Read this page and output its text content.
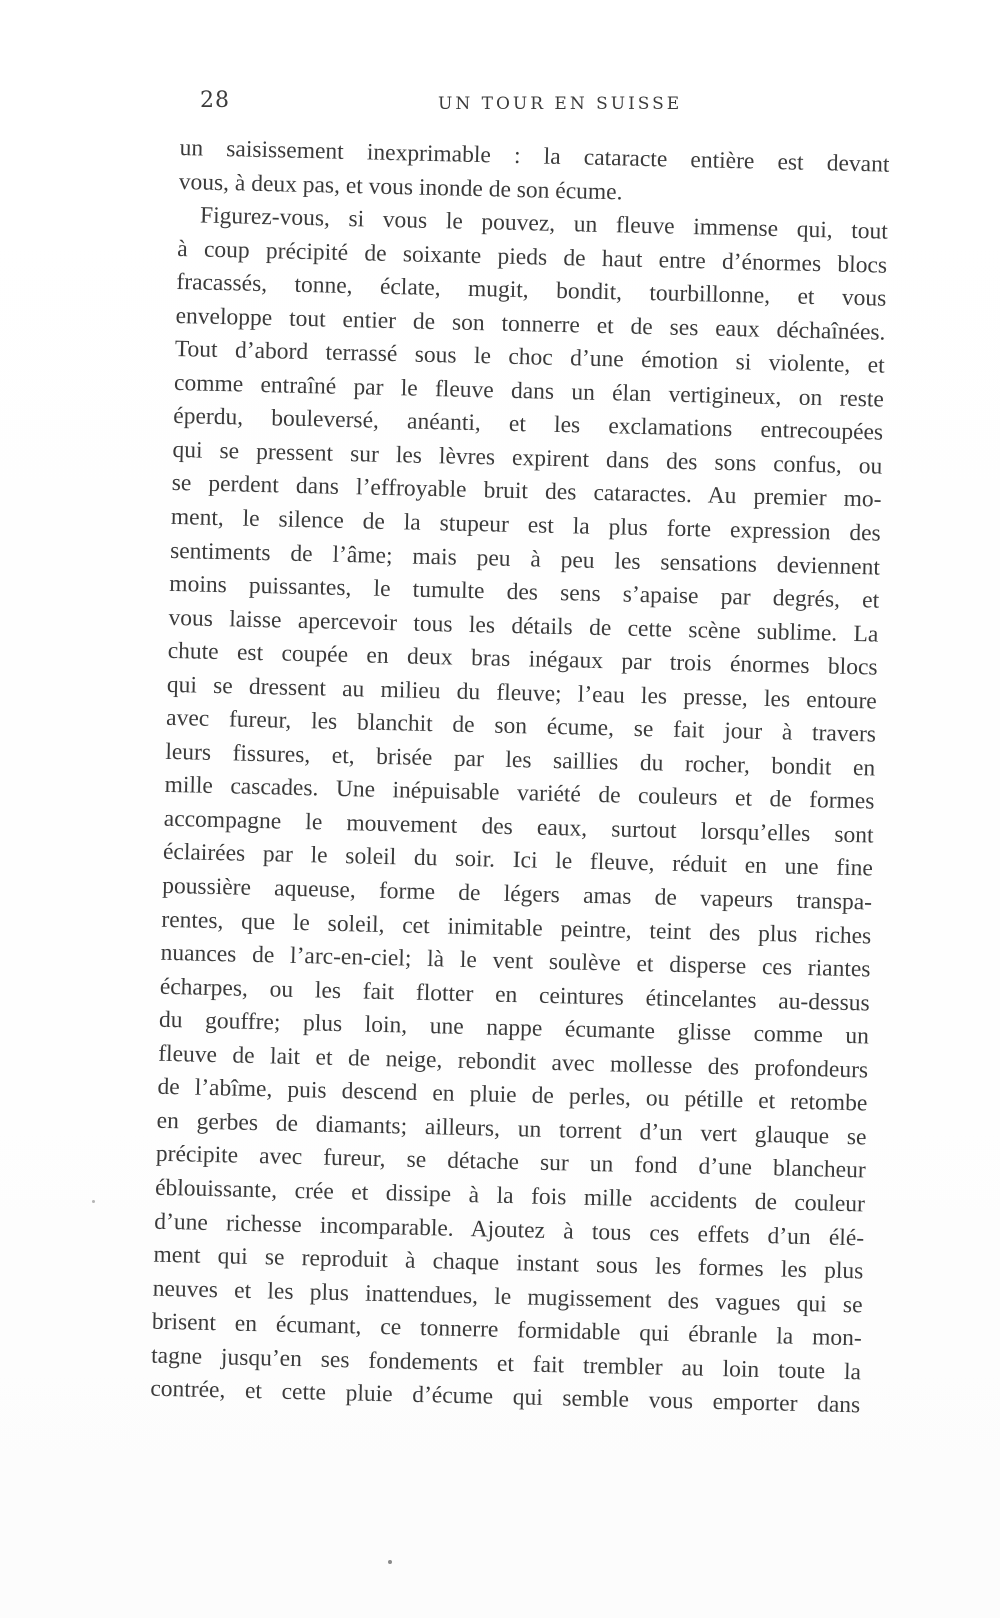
28	UN TOUR EN SUISSE
un saisissement inexprimable : la cataracte entière est devant
vous, à deux pas, et vous inonde de son écume.
Figurez-vous, si vous le pouvez, un fleuve immense qui, tout
à coup précipité de soixante pieds de haut entre d’énormes blocs
fracassés, tonne, éclate, mugit, bondit, tourbillonne, et vous
enveloppe tout entier de son tonnerre et de ses eaux déchaînées.
Tout d’abord terrassé sous le choc d’une émotion si violente, et
comme entraîné par le fleuve dans un élan vertigineux, on reste
éperdu, bouleversé, anéanti, et les exclamations entrecoupées
qui se pressent sur les lèvres expirent dans des sons confus, ou
se perdent dans l’effroyable bruit des cataractes. Au premier mo-
ment, le silence de la stupeur est la plus forte expression des
sentiments de l’âme; mais peu à peu les sensations deviennent
moins puissantes, le tumulte des sens s’apaise par degrés, et
vous laisse apercevoir tous les détails de cette scène sublime. La
chute est coupée en deux bras inégaux par trois énormes blocs
qui se dressent au milieu du fleuve; l’eau les presse, les entoure
avec fureur, les blanchit de son écume, se fait jour à travers
leurs fissures, et, brisée par les saillies du rocher, bondit en
mille cascades. Une inépuisable variété de couleurs et de formes
accompagne le mouvement des eaux, surtout lorsqu’elles sont
éclairées par le soleil du soir. Ici le fleuve, réduit en une fine
poussière aqueuse, forme de légers amas de vapeurs transpa-
rentes, que le soleil, cet inimitable peintre, teint des plus riches
nuances de l’arc-en-ciel; là le vent soulève et disperse ces riantes
écharpes, ou les fait flotter en ceintures étincelantes au-dessus
du gouffre; plus loin, une nappe écumante glisse comme un
fleuve de lait et de neige, rebondit avec mollesse des profondeurs
de l’abîme, puis descend en pluie de perles, ou pétille et retombe
en gerbes de diamants; ailleurs, un torrent d’un vert glauque se
précipite avec fureur, se détache sur un fond d’une blancheur
éblouissante, crée et dissipe à la fois mille accidents de couleur
d’une richesse incomparable. Ajoutez à tous ces effets d’un élé-
ment qui se reproduit à chaque instant sous les formes les plus
neuves et les plus inattendues, le mugissement des vagues qui se
brisent en écumant, ce tonnerre formidable qui ébranle la mon-
tagne jusqu’en ses fondements et fait trembler au loin toute la
contrée, et cette pluie d’écume qui semble vous emporter dans
